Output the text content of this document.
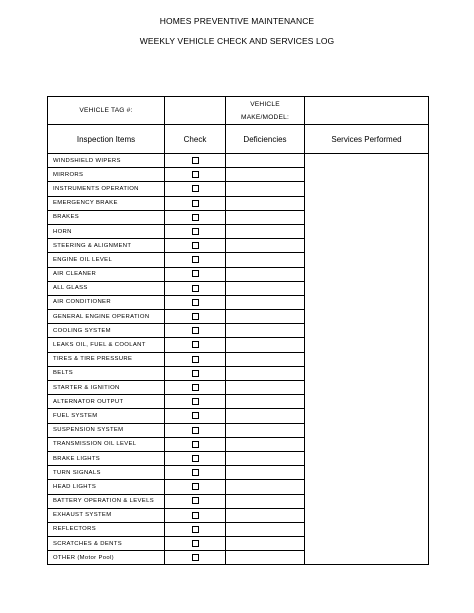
HOMES PREVENTIVE MAINTENANCE
WEEKLY VEHICLE CHECK AND SERVICES LOG
VEHICLE TAG #:		VEHICLE
MAKE/MODEL:	

Inspection Items	Check	Deficiencies	Services Performed
WINDSHIELD WIPERS			
MIRRORS			
INSTRUMENTS OPERATION			
EMERGENCY BRAKE			
BRAKES			
HORN			
STEERING & ALIGNMENT			
ENGINE OIL LEVEL			
AIR CLEANER			
ALL GLASS			
AIR CONDITIONER			
GENERAL ENGINE OPERATION			
COOLING SYSTEM			
LEAKS OIL, FUEL & COOLANT			
TIRES & TIRE PRESSURE			
BELTS			
STARTER & IGNITION			
ALTERNATOR OUTPUT			
FUEL SYSTEM			
SUSPENSION SYSTEM			
TRANSMISSION OIL LEVEL			
BRAKE LIGHTS			
TURN SIGNALS			
HEAD LIGHTS			
BATTERY OPERATION & LEVELS			
EXHAUST SYSTEM			
REFLECTORS			
SCRATCHES & DENTS			
OTHER (Motor Pool)			
